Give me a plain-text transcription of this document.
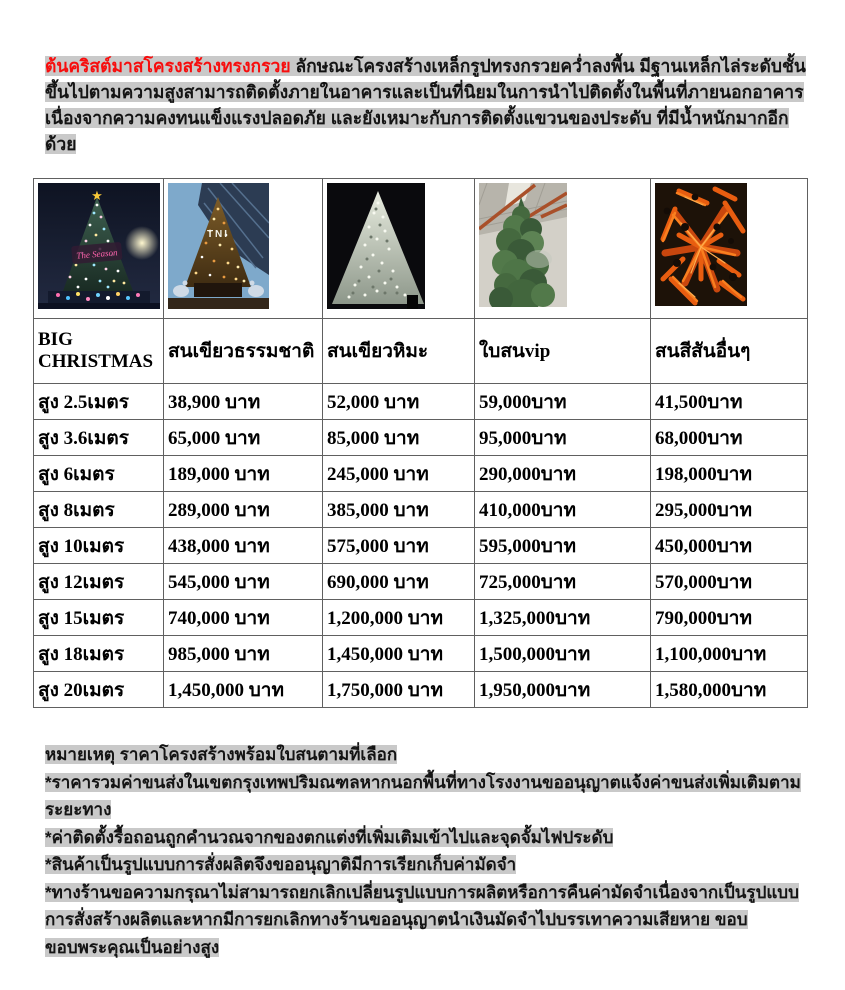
ต้นคริสต์มาสโครงสร้างทรงกรวย ลักษณะโครงสร้างเหล็กรูปทรงกรวยคว่ำลงพื้น มีฐานเหล็กไล่ระดับชั้นขึ้นไปตามความสูงสามารถติดตั้งภายในอาคารและเป็นที่นิยมในการนำไปติดตั้งในพื้นที่ภายนอกอาคารเนื่องจากความคงทนแข็งแรงปลอดภัย และยังเหมาะกับการติดตั้งแขวนของประดับ ที่มีน้ำหนักมากอีกด้วย

★
The Season	TNI

BIG CHRISTMAS	สนเขียวธรรมชาติ	สนเขียวหิมะ	ใบสนvip	สนสีสันอื่นๆ
สูง 2.5เมตร	38,900 บาท	52,000 บาท	59,000บาท	41,500บาท
สูง 3.6เมตร	65,000 บาท	85,000 บาท	95,000บาท	68,000บาท
สูง 6เมตร	189,000 บาท	245,000 บาท	290,000บาท	198,000บาท
สูง 8เมตร	289,000 บาท	385,000 บาท	410,000บาท	295,000บาท
สูง 10เมตร	438,000 บาท	575,000 บาท	595,000บาท	450,000บาท
สูง 12เมตร	545,000 บาท	690,000 บาท	725,000บาท	570,000บาท
สูง 15เมตร	740,000 บาท	1,200,000 บาท	1,325,000บาท	790,000บาท
สูง 18เมตร	985,000 บาท	1,450,000 บาท	1,500,000บาท	1,100,000บาท
สูง 20เมตร	1,450,000 บาท	1,750,000 บาท	1,950,000บาท	1,580,000บาท

หมายเหตุ ราคาโครงสร้างพร้อมใบสนตามที่เลือก

*ราคารวมค่าขนส่งในเขตกรุงเทพปริมณฑลหากนอกพื้นที่ทางโรงงานขออนุญาตแจ้งค่าขนส่งเพิ่มเติมตามระยะทาง

*ค่าติดตั้งรื้อถอนถูกคำนวณจากของตกแต่งที่เพิ่มเติมเข้าไปและจุดจั้มไฟประดับ

*สินค้าเป็นรูปแบบการสั่งผลิตจึงขออนุญาติมีการเรียกเก็บค่ามัดจำ

*ทางร้านขอความกรุณาไม่สามารถยกเลิกเปลี่ยนรูปแบบการผลิตหรือการคืนค่ามัดจำเนื่องจากเป็นรูปแบบการสั่งสร้างผลิตและหากมีการยกเลิกทางร้านขออนุญาตนำเงินมัดจำไปบรรเทาความเสียหาย ขอบขอบพระคุณเป็นอย่างสูง
